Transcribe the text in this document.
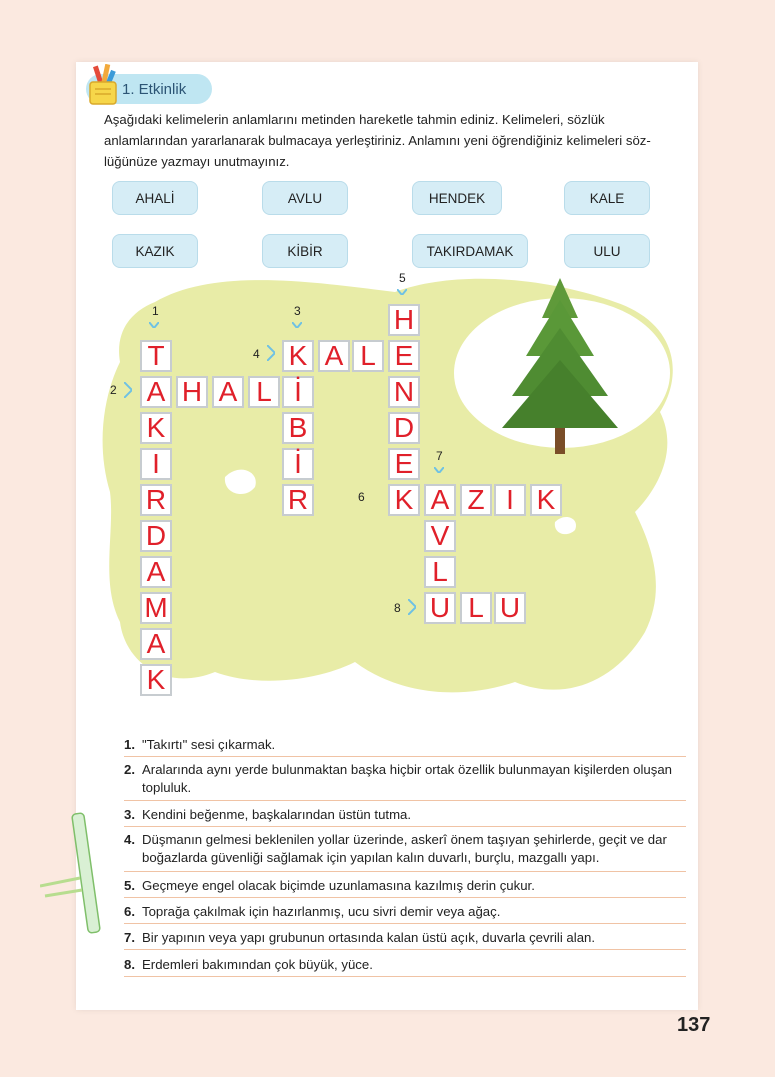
1. Etkinlik

Aşağıdaki kelimelerin anlamlarını metinden hareketle tahmin ediniz. Kelimeleri, sözlük
anlamlarından yararlanarak bulmacaya yerleştiriniz. Anlamını yeni öğrendiğiniz kelimeleri söz-
lüğünüze yazmayı unutmayınız.

AHALİ	AVLU	HENDEK	KALE
KAZIK	KİBİR	TAKIRDAMAK	ULU
1	3
5
7
2
4
6
8
T
A
K
I
R
D
A
M
A
K
H A L İ
K
B
İ
R
A L E
H
N
D
E
K A Z I K
V
L
U L U
1. "Takırtı" sesi çıkarmak.
2. Aralarında aynı yerde bulunmaktan başka hiçbir ortak özellik bulunmayan kişilerden oluşan topluluk.
3. Kendini beğenme, başkalarından üstün tutma.
4. Düşmanın gelmesi beklenilen yollar üzerinde, askerî önem taşıyan şehirlerde, geçit ve dar boğazlarda güvenliği sağlamak için yapılan kalın duvarlı, burçlu, mazgallı yapı.
5. Geçmeye engel olacak biçimde uzunlamasına kazılmış derin çukur.
6. Toprağa çakılmak için hazırlanmış, ucu sivri demir veya ağaç.
7. Bir yapının veya yapı grubunun ortasında kalan üstü açık, duvarla çevrili alan.
8. Erdemleri bakımından çok büyük, yüce.
137
